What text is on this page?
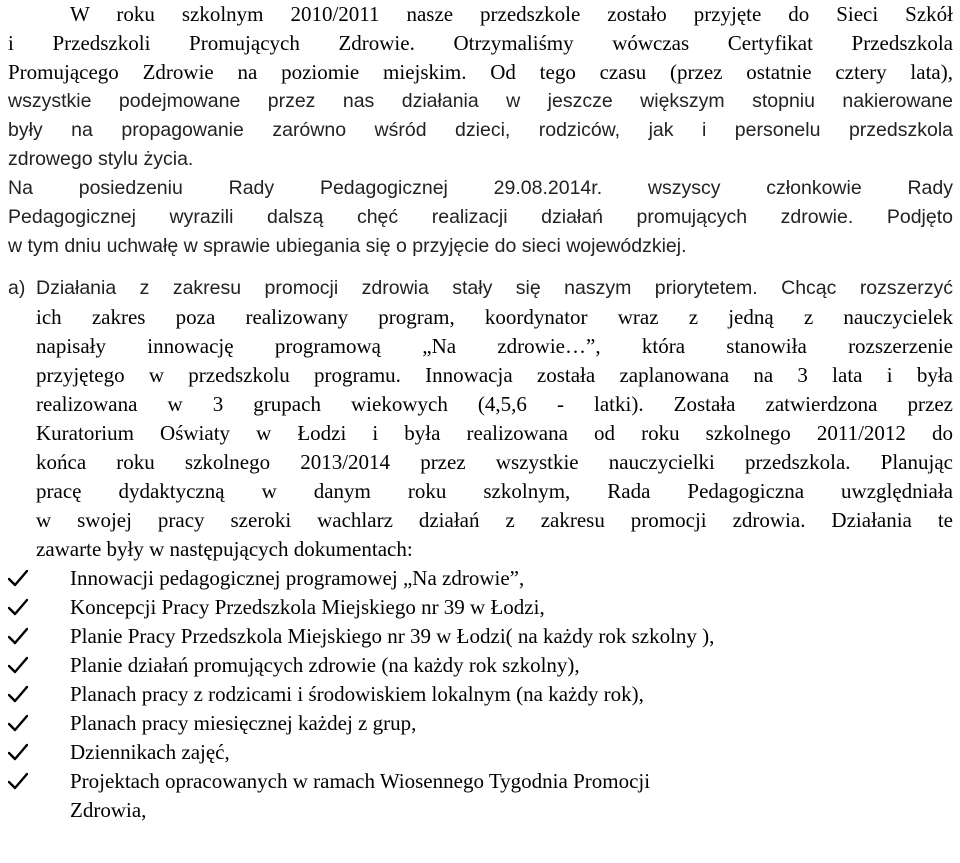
W roku szkolnym 2010/2011 nasze przedszkole zostało przyjęte do Sieci Szkół
i Przedszkoli Promujących Zdrowie. Otrzymaliśmy wówczas Certyfikat Przedszkola
Promującego Zdrowie na poziomie miejskim. Od tego czasu (przez ostatnie cztery lata),
wszystkie podejmowane przez nas działania w jeszcze większym stopniu nakierowane
były na propagowanie zarówno wśród dzieci, rodziców, jak i personelu przedszkola
zdrowego stylu życia.
Na posiedzeniu Rady Pedagogicznej 29.08.2014r. wszyscy członkowie Rady
Pedagogicznej wyrazili dalszą chęć realizacji działań promujących zdrowie. Podjęto
w tym dniu uchwałę w sprawie ubiegania się o przyjęcie do sieci wojewódzkiej.
a) Działania z zakresu promocji zdrowia stały się naszym priorytetem. Chcąc rozszerzyć
ich zakres poza realizowany program, koordynator wraz z jedną z nauczycielek
napisały innowację programową „Na zdrowie…”, która stanowiła rozszerzenie
przyjętego w przedszkolu programu. Innowacja została zaplanowana na 3 lata i była
realizowana w 3 grupach wiekowych (4,5,6 - latki). Została zatwierdzona przez
Kuratorium Oświaty w Łodzi i była realizowana od roku szkolnego 2011/2012 do
końca roku szkolnego 2013/2014 przez wszystkie nauczycielki przedszkola. Planując
pracę dydaktyczną w danym roku szkolnym, Rada Pedagogiczna uwzględniała
w swojej pracy szeroki wachlarz działań z zakresu promocji zdrowia. Działania te
zawarte były w następujących dokumentach:
Innowacji pedagogicznej programowej „Na zdrowie”,
Koncepcji Pracy Przedszkola Miejskiego nr 39 w Łodzi,
Planie Pracy Przedszkola Miejskiego nr 39 w Łodzi( na każdy rok szkolny ),
Planie działań promujących zdrowie (na każdy rok szkolny),
Planach pracy z rodzicami i środowiskiem lokalnym (na każdy rok),
Planach pracy miesięcznej każdej z grup,
Dziennikach zajęć,
Projektach opracowanych w ramach Wiosennego Tygodnia Promocji
Zdrowia,
